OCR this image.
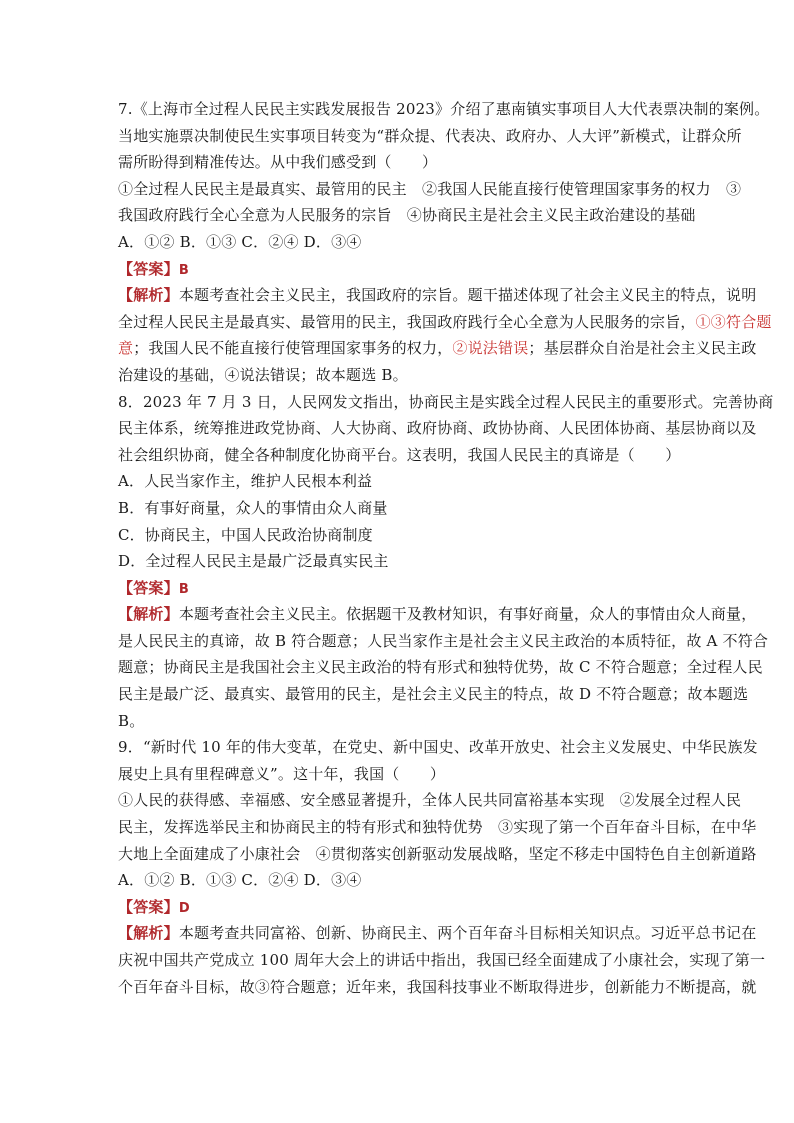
7.《上海市全过程人民民主实践发展报告 2023》介绍了惠南镇实事项目人大代表票决制的案例。
当地实施票决制使民生实事项目转变为“群众提、代表决、政府办、人大评”新模式，让群众所
需所盼得到精准传达。从中我们感受到（　　）
①全过程人民民主是最真实、最管用的民主　②我国人民能直接行使管理国家事务的权力　③
我国政府践行全心全意为人民服务的宗旨　④协商民主是社会主义民主政治建设的基础
A．①② B．①③ C．②④ D．③④
【答案】B
【解析】本题考查社会主义民主，我国政府的宗旨。题干描述体现了社会主义民主的特点，说明
全过程人民民主是最真实、最管用的民主，我国政府践行全心全意为人民服务的宗旨，①③符合题
意；我国人民不能直接行使管理国家事务的权力，②说法错误；基层群众自治是社会主义民主政
治建设的基础，④说法错误；故本题选 B。
8．2023 年 7 月 3 日，人民网发文指出，协商民主是实践全过程人民民主的重要形式。完善协商
民主体系，统筹推进政党协商、人大协商、政府协商、政协协商、人民团体协商、基层协商以及
社会组织协商，健全各种制度化协商平台。这表明，我国人民民主的真谛是（　　）
A．人民当家作主，维护人民根本利益
B．有事好商量，众人的事情由众人商量
C．协商民主，中国人民政治协商制度
D．全过程人民民主是最广泛最真实民主
【答案】B
【解析】本题考查社会主义民主。依据题干及教材知识，有事好商量，众人的事情由众人商量，
是人民民主的真谛，故 B 符合题意；人民当家作主是社会主义民主政治的本质特征，故 A 不符合
题意；协商民主是我国社会主义民主政治的特有形式和独特优势，故 C 不符合题意；全过程人民
民主是最广泛、最真实、最管用的民主，是社会主义民主的特点，故 D 不符合题意；故本题选
B。
9．“新时代 10 年的伟大变革，在党史、新中国史、改革开放史、社会主义发展史、中华民族发
展史上具有里程碑意义”。这十年，我国（　　）
①人民的获得感、幸福感、安全感显著提升，全体人民共同富裕基本实现　②发展全过程人民
民主，发挥选举民主和协商民主的特有形式和独特优势　③实现了第一个百年奋斗目标，在中华
大地上全面建成了小康社会　④贯彻落实创新驱动发展战略，坚定不移走中国特色自主创新道路
A．①② B．①③ C．②④ D．③④
【答案】D
【解析】本题考查共同富裕、创新、协商民主、两个百年奋斗目标相关知识点。习近平总书记在
庆祝中国共产党成立 100 周年大会上的讲话中指出，我国已经全面建成了小康社会，实现了第一
个百年奋斗目标，故③符合题意；近年来，我国科技事业不断取得进步，创新能力不断提高，就
